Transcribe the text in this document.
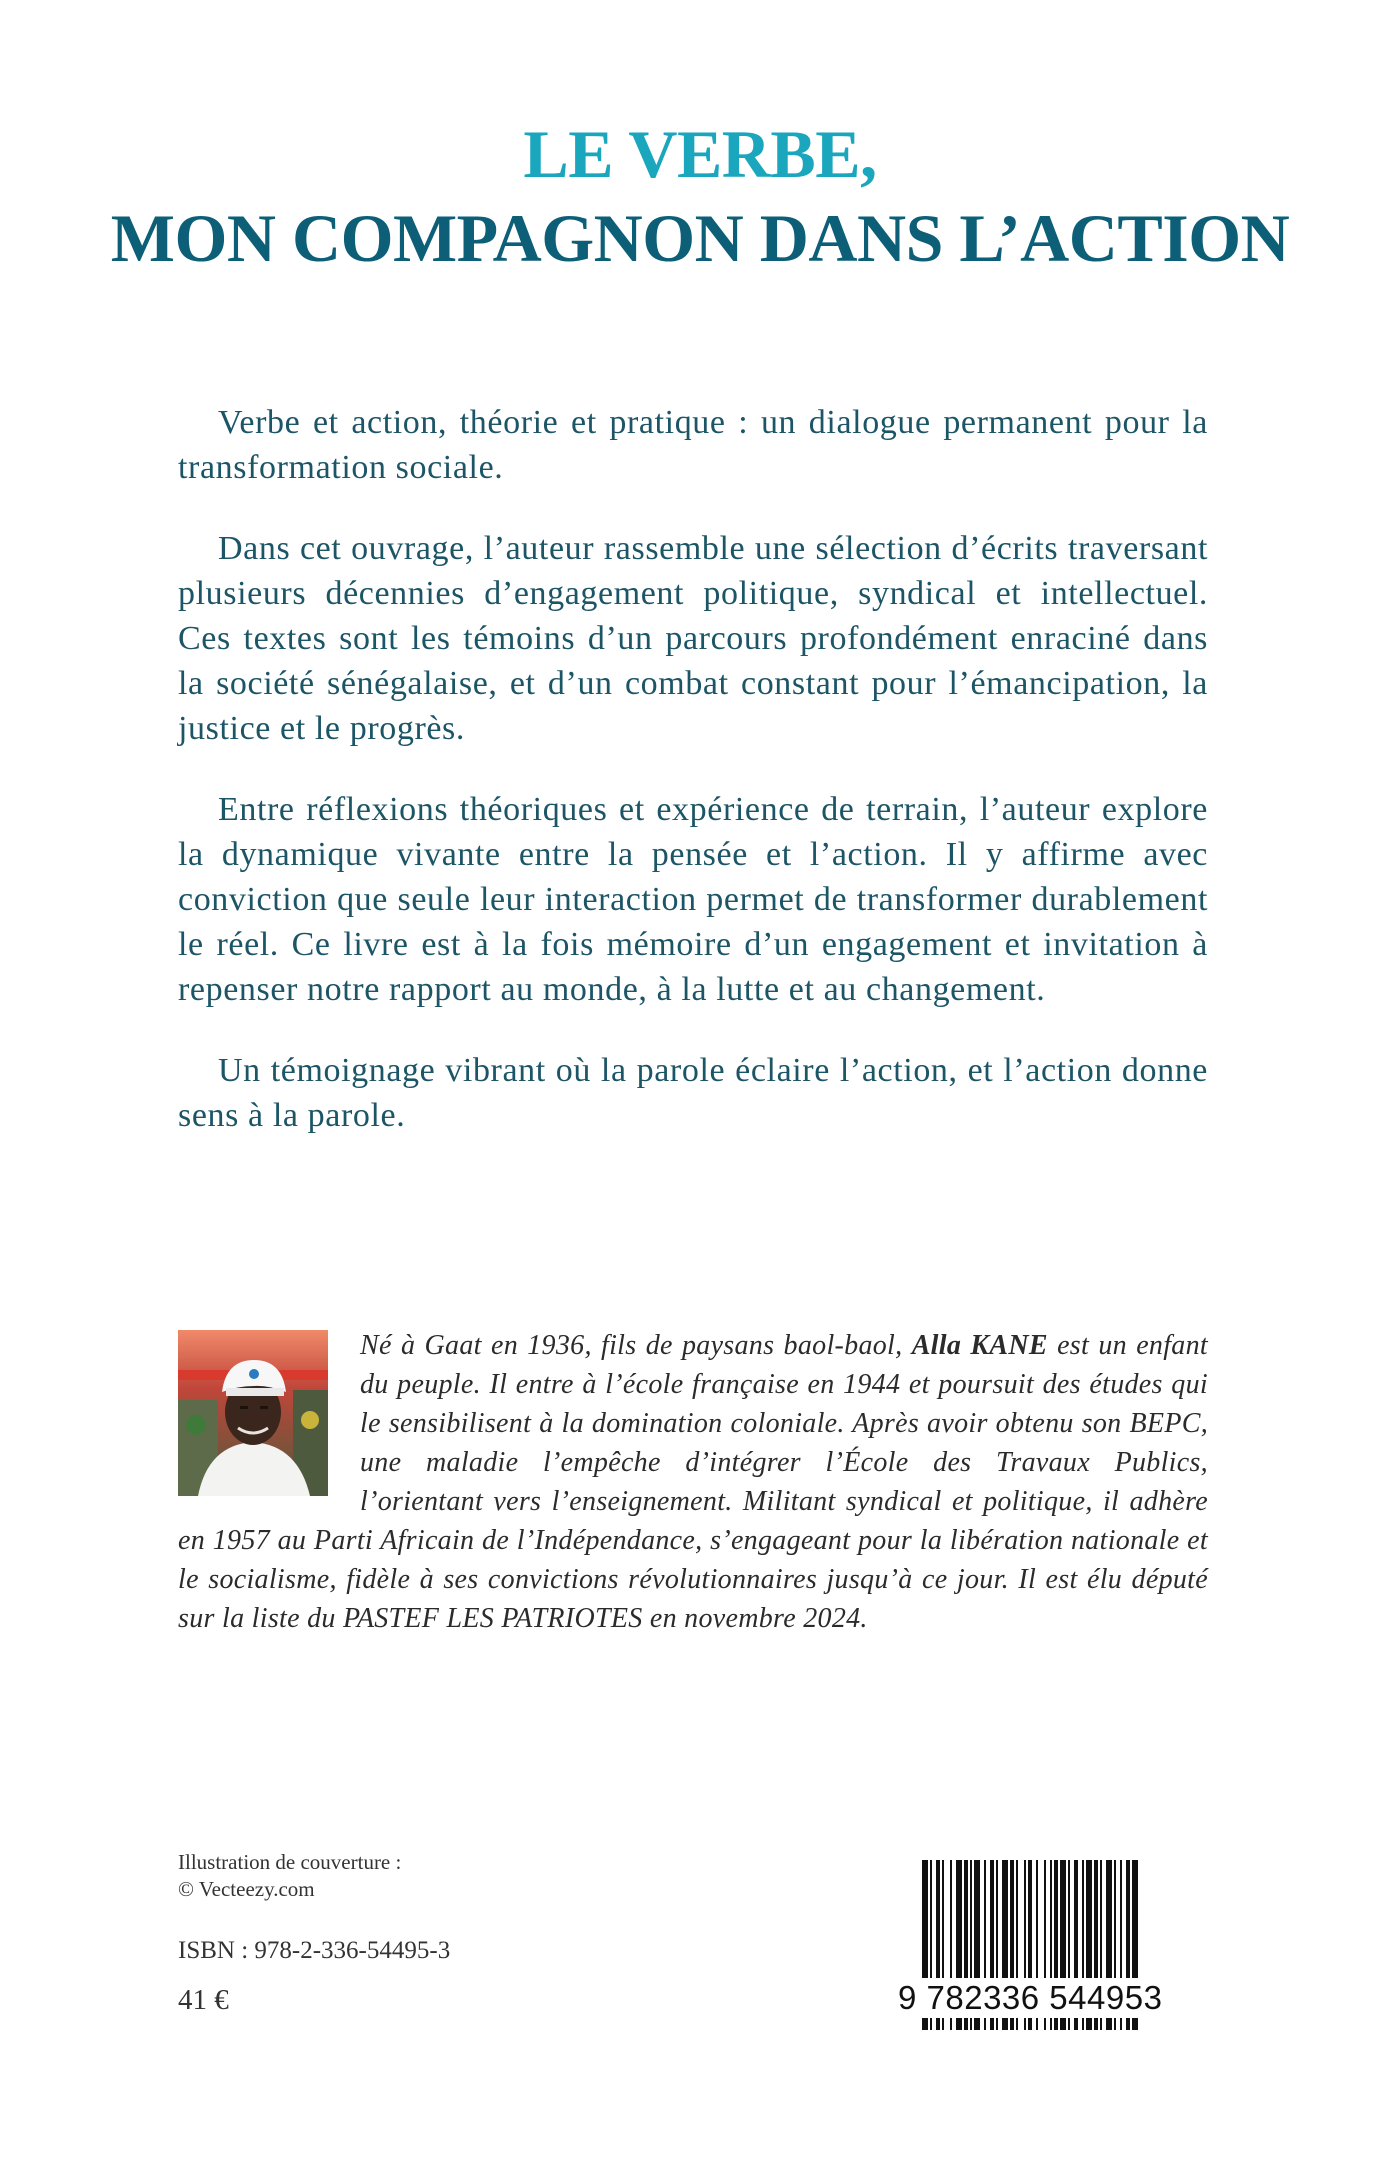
LE VERBE,
MON COMPAGNON DANS L’ACTION

Verbe et action, théorie et pratique : un dialogue permanent pour la transformation sociale.

Dans cet ouvrage, l’auteur rassemble une sélection d’écrits traversant plusieurs décennies d’engagement politique, syndical et intellectuel. Ces textes sont les témoins d’un parcours profondément enraciné dans la société sénégalaise, et d’un combat constant pour l’émancipation, la justice et le progrès.

Entre réflexions théoriques et expérience de terrain, l’auteur explore la dynamique vivante entre la pensée et l’action. Il y affirme avec conviction que seule leur interaction permet de transformer durablement le réel. Ce livre est à la fois mémoire d’un engagement et invitation à repenser notre rapport au monde, à la lutte et au changement.

Un témoignage vibrant où la parole éclaire l’action, et l’action donne sens à la parole.

Né à Gaat en 1936, fils de paysans baol-baol, Alla KANE est un enfant du peuple. Il entre à l’école française en 1944 et poursuit des études qui le sensibilisent à la domination coloniale. Après avoir obtenu son BEPC, une maladie l’empêche d’intégrer l’École des Travaux Publics, l’orientant vers l’enseignement. Militant syndical et politique, il adhère en 1957 au Parti Africain de l’Indépendance, s’engageant pour la libération nationale et le socialisme, fidèle à ses convictions révolutionnaires jusqu’à ce jour. Il est élu député sur la liste du PASTEF LES PATRIOTES en novembre 2024.

Illustration de couverture :
© Vecteezy.com
ISBN : 978-2-336-54495-3
41 €	9 782336 544953
